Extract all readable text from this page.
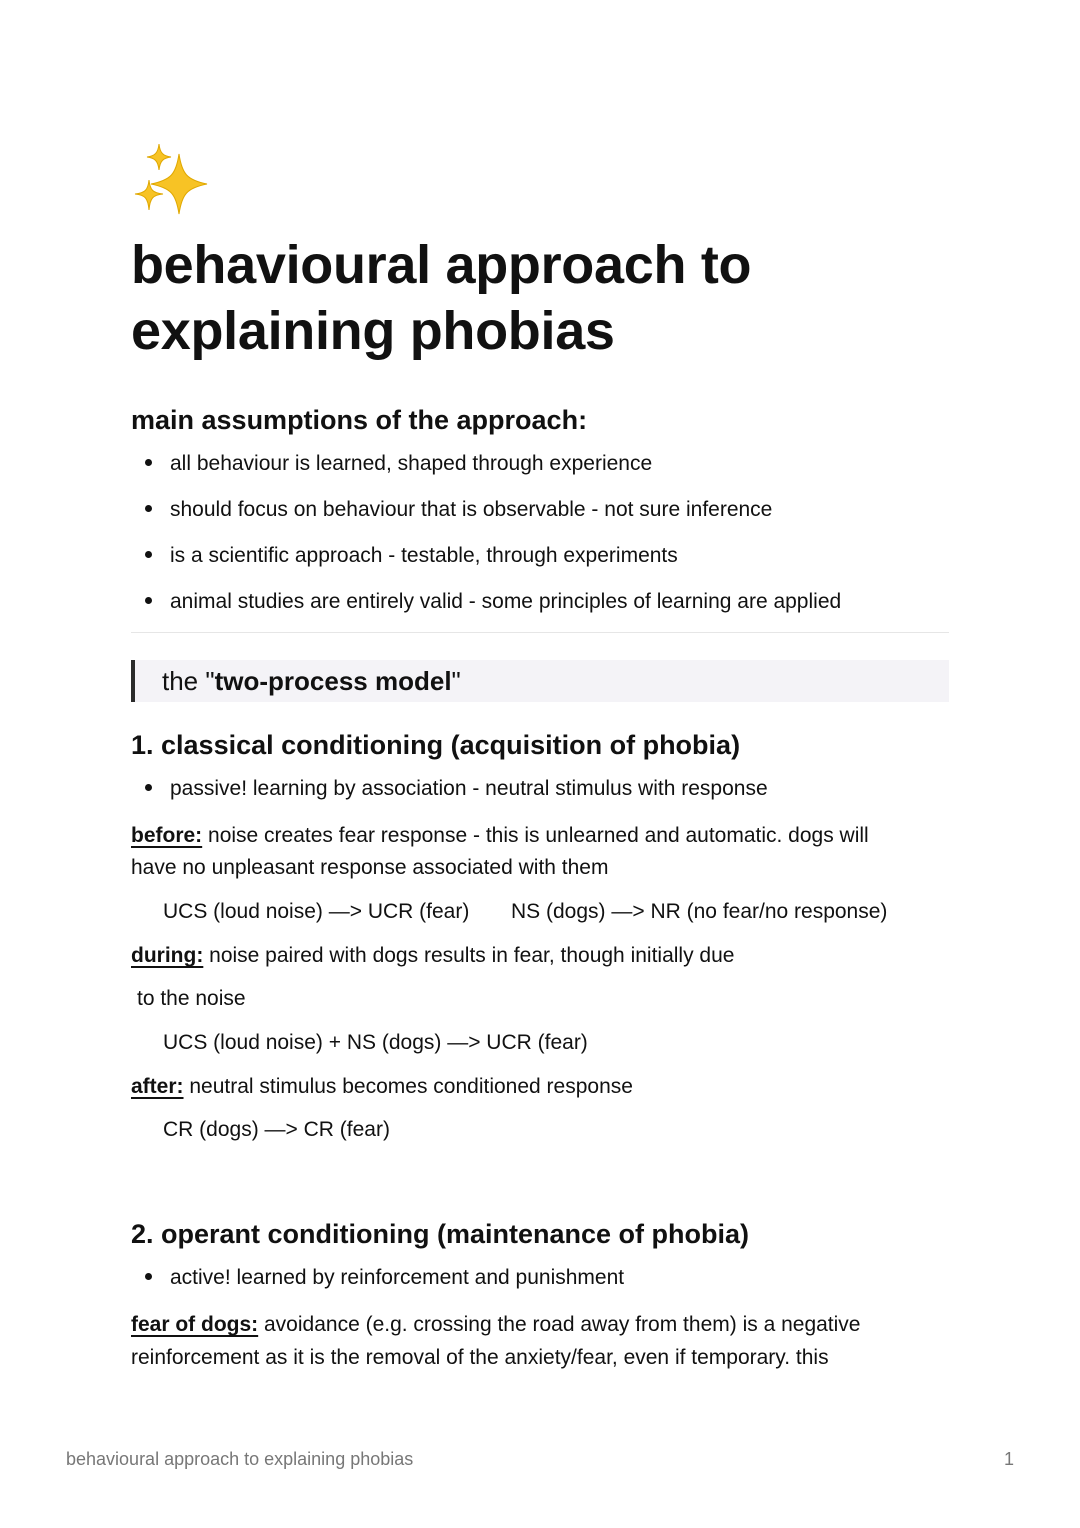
behavioural approach to
explaining phobias
main assumptions of the approach:
all behaviour is learned, shaped through experience
should focus on behaviour that is observable - not sure inference
is a scientific approach - testable, through experiments
animal studies are entirely valid - some principles of learning are applied
the "two-process model"
1. classical conditioning (acquisition of phobia)
passive! learning by association - neutral stimulus with response
before: noise creates fear response - this is unlearned and automatic. dogs will
have no unpleasant response associated with them
UCS (loud noise) —> UCR (fear) NS (dogs) —> NR (no fear/no response)
during: noise paired with dogs results in fear, though initially due
to the noise
UCS (loud noise) + NS (dogs) —> UCR (fear)
after: neutral stimulus becomes conditioned response
CR (dogs) —> CR (fear)
2. operant conditioning (maintenance of phobia)
active! learned by reinforcement and punishment
fear of dogs: avoidance (e.g. crossing the road away from them) is a negative
reinforcement as it is the removal of the anxiety/fear, even if temporary. this
behavioural approach to explaining phobias	1
